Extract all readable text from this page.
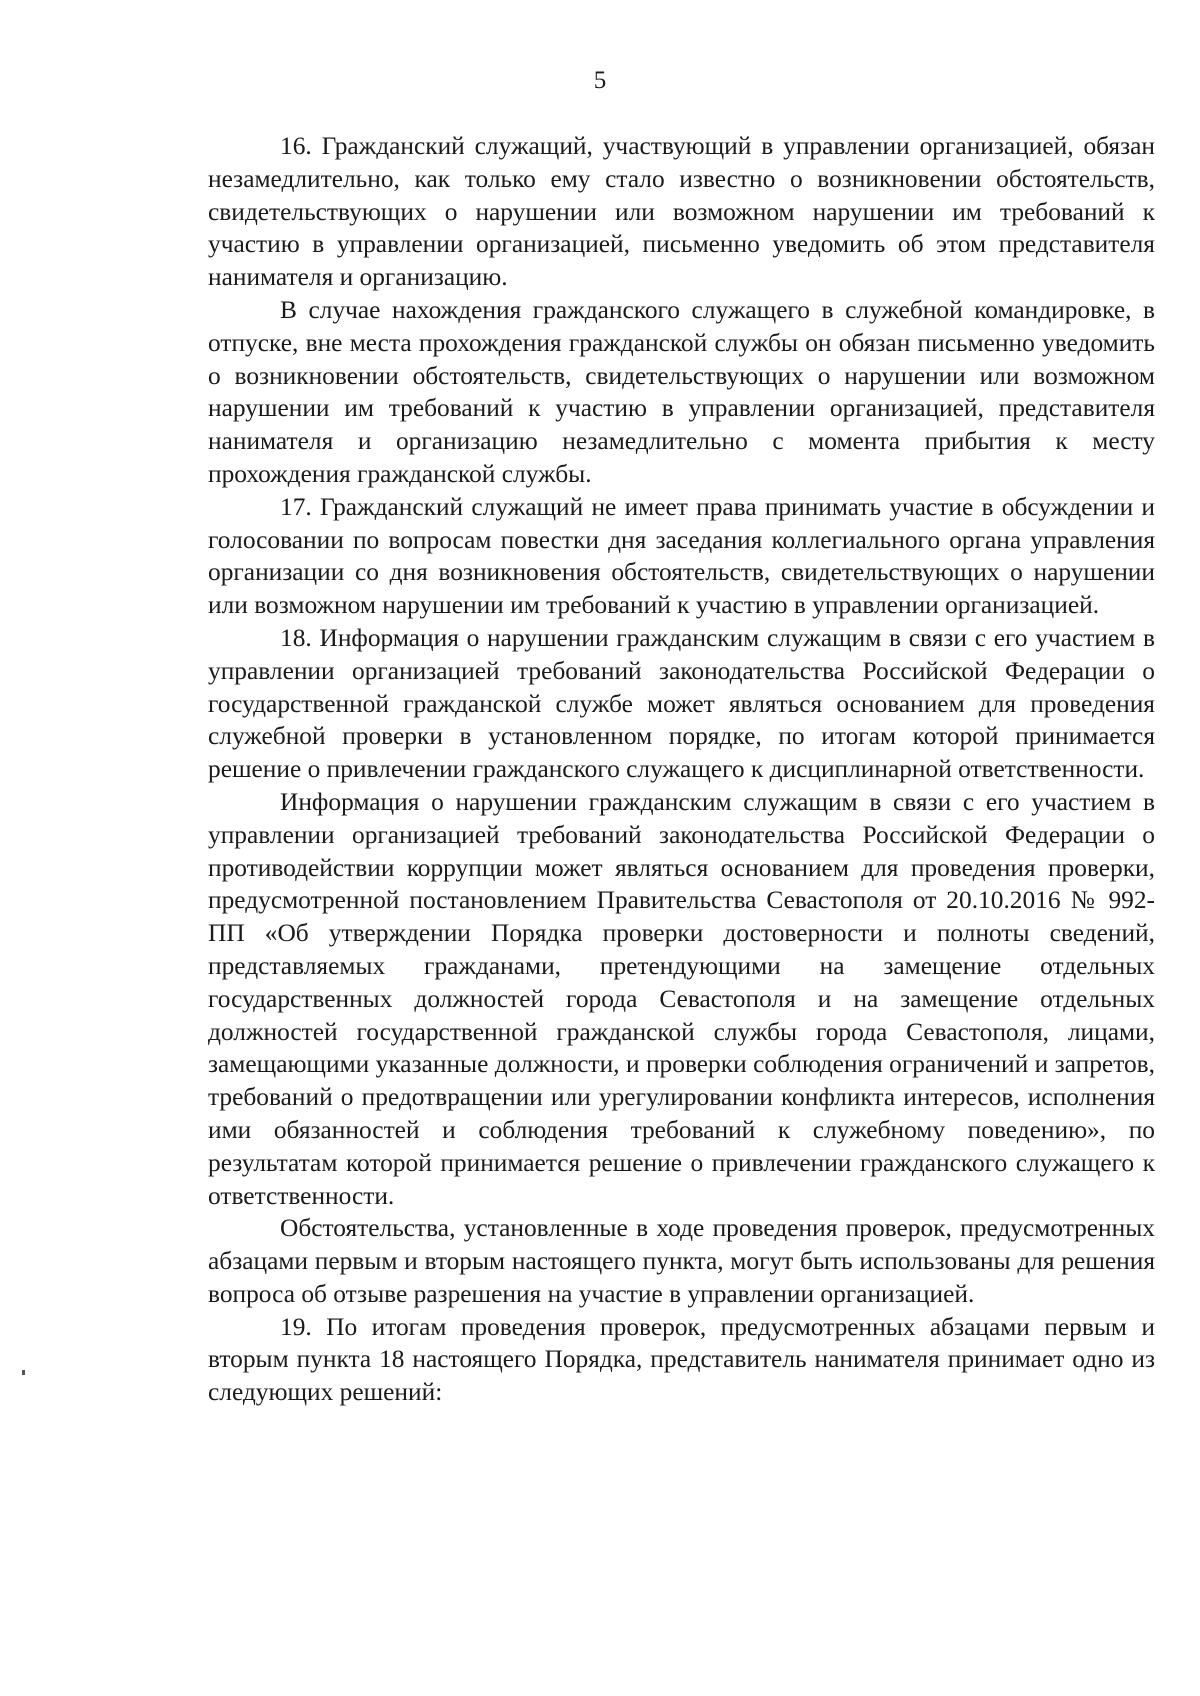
5

16. Гражданский служащий, участвующий в управлении организацией, обязан незамедлительно, как только ему стало известно о возникновении обстоятельств, свидетельствующих о нарушении или возможном нарушении им требований к участию в управлении организацией, письменно уведомить об этом представителя нанимателя и организацию.

В случае нахождения гражданского служащего в служебной командировке, в отпуске, вне места прохождения гражданской службы он обязан письменно уведомить о возникновении обстоятельств, свидетельствующих о нарушении или возможном нарушении им требований к участию в управлении организацией, представителя нанимателя и организацию незамедлительно с момента прибытия к месту прохождения гражданской службы.

17. Гражданский служащий не имеет права принимать участие в обсуждении и голосовании по вопросам повестки дня заседания коллегиального органа управления организации со дня возникновения обстоятельств, свидетельствующих о нарушении или возможном нарушении им требований к участию в управлении организацией.

18. Информация о нарушении гражданским служащим в связи с его участием в управлении организацией требований законодательства Российской Федерации о государственной гражданской службе может являться основанием для проведения служебной проверки в установленном порядке, по итогам которой принимается решение о привлечении гражданского служащего к дисциплинарной ответственности.

Информация о нарушении гражданским служащим в связи с его участием в управлении организацией требований законодательства Российской Федерации о противодействии коррупции может являться основанием для проведения проверки, предусмотренной постановлением Правительства Севастополя от 20.10.2016 № 992-ПП «Об утверждении Порядка проверки достоверности и полноты сведений, представляемых гражданами, претендующими на замещение отдельных государственных должностей города Севастополя и на замещение отдельных должностей государственной гражданской службы города Севастополя, лицами, замещающими указанные должности, и проверки соблюдения ограничений и запретов, требований о предотвращении или урегулировании конфликта интересов, исполнения ими обязанностей и соблюдения требований к служебному поведению», по результатам которой принимается решение о привлечении гражданского служащего к ответственности.

Обстоятельства, установленные в ходе проведения проверок, предусмотренных абзацами первым и вторым настоящего пункта, могут быть использованы для решения вопроса об отзыве разрешения на участие в управлении организацией.

19. По итогам проведения проверок, предусмотренных абзацами первым и вторым пункта 18 настоящего Порядка, представитель нанимателя принимает одно из следующих решений:
